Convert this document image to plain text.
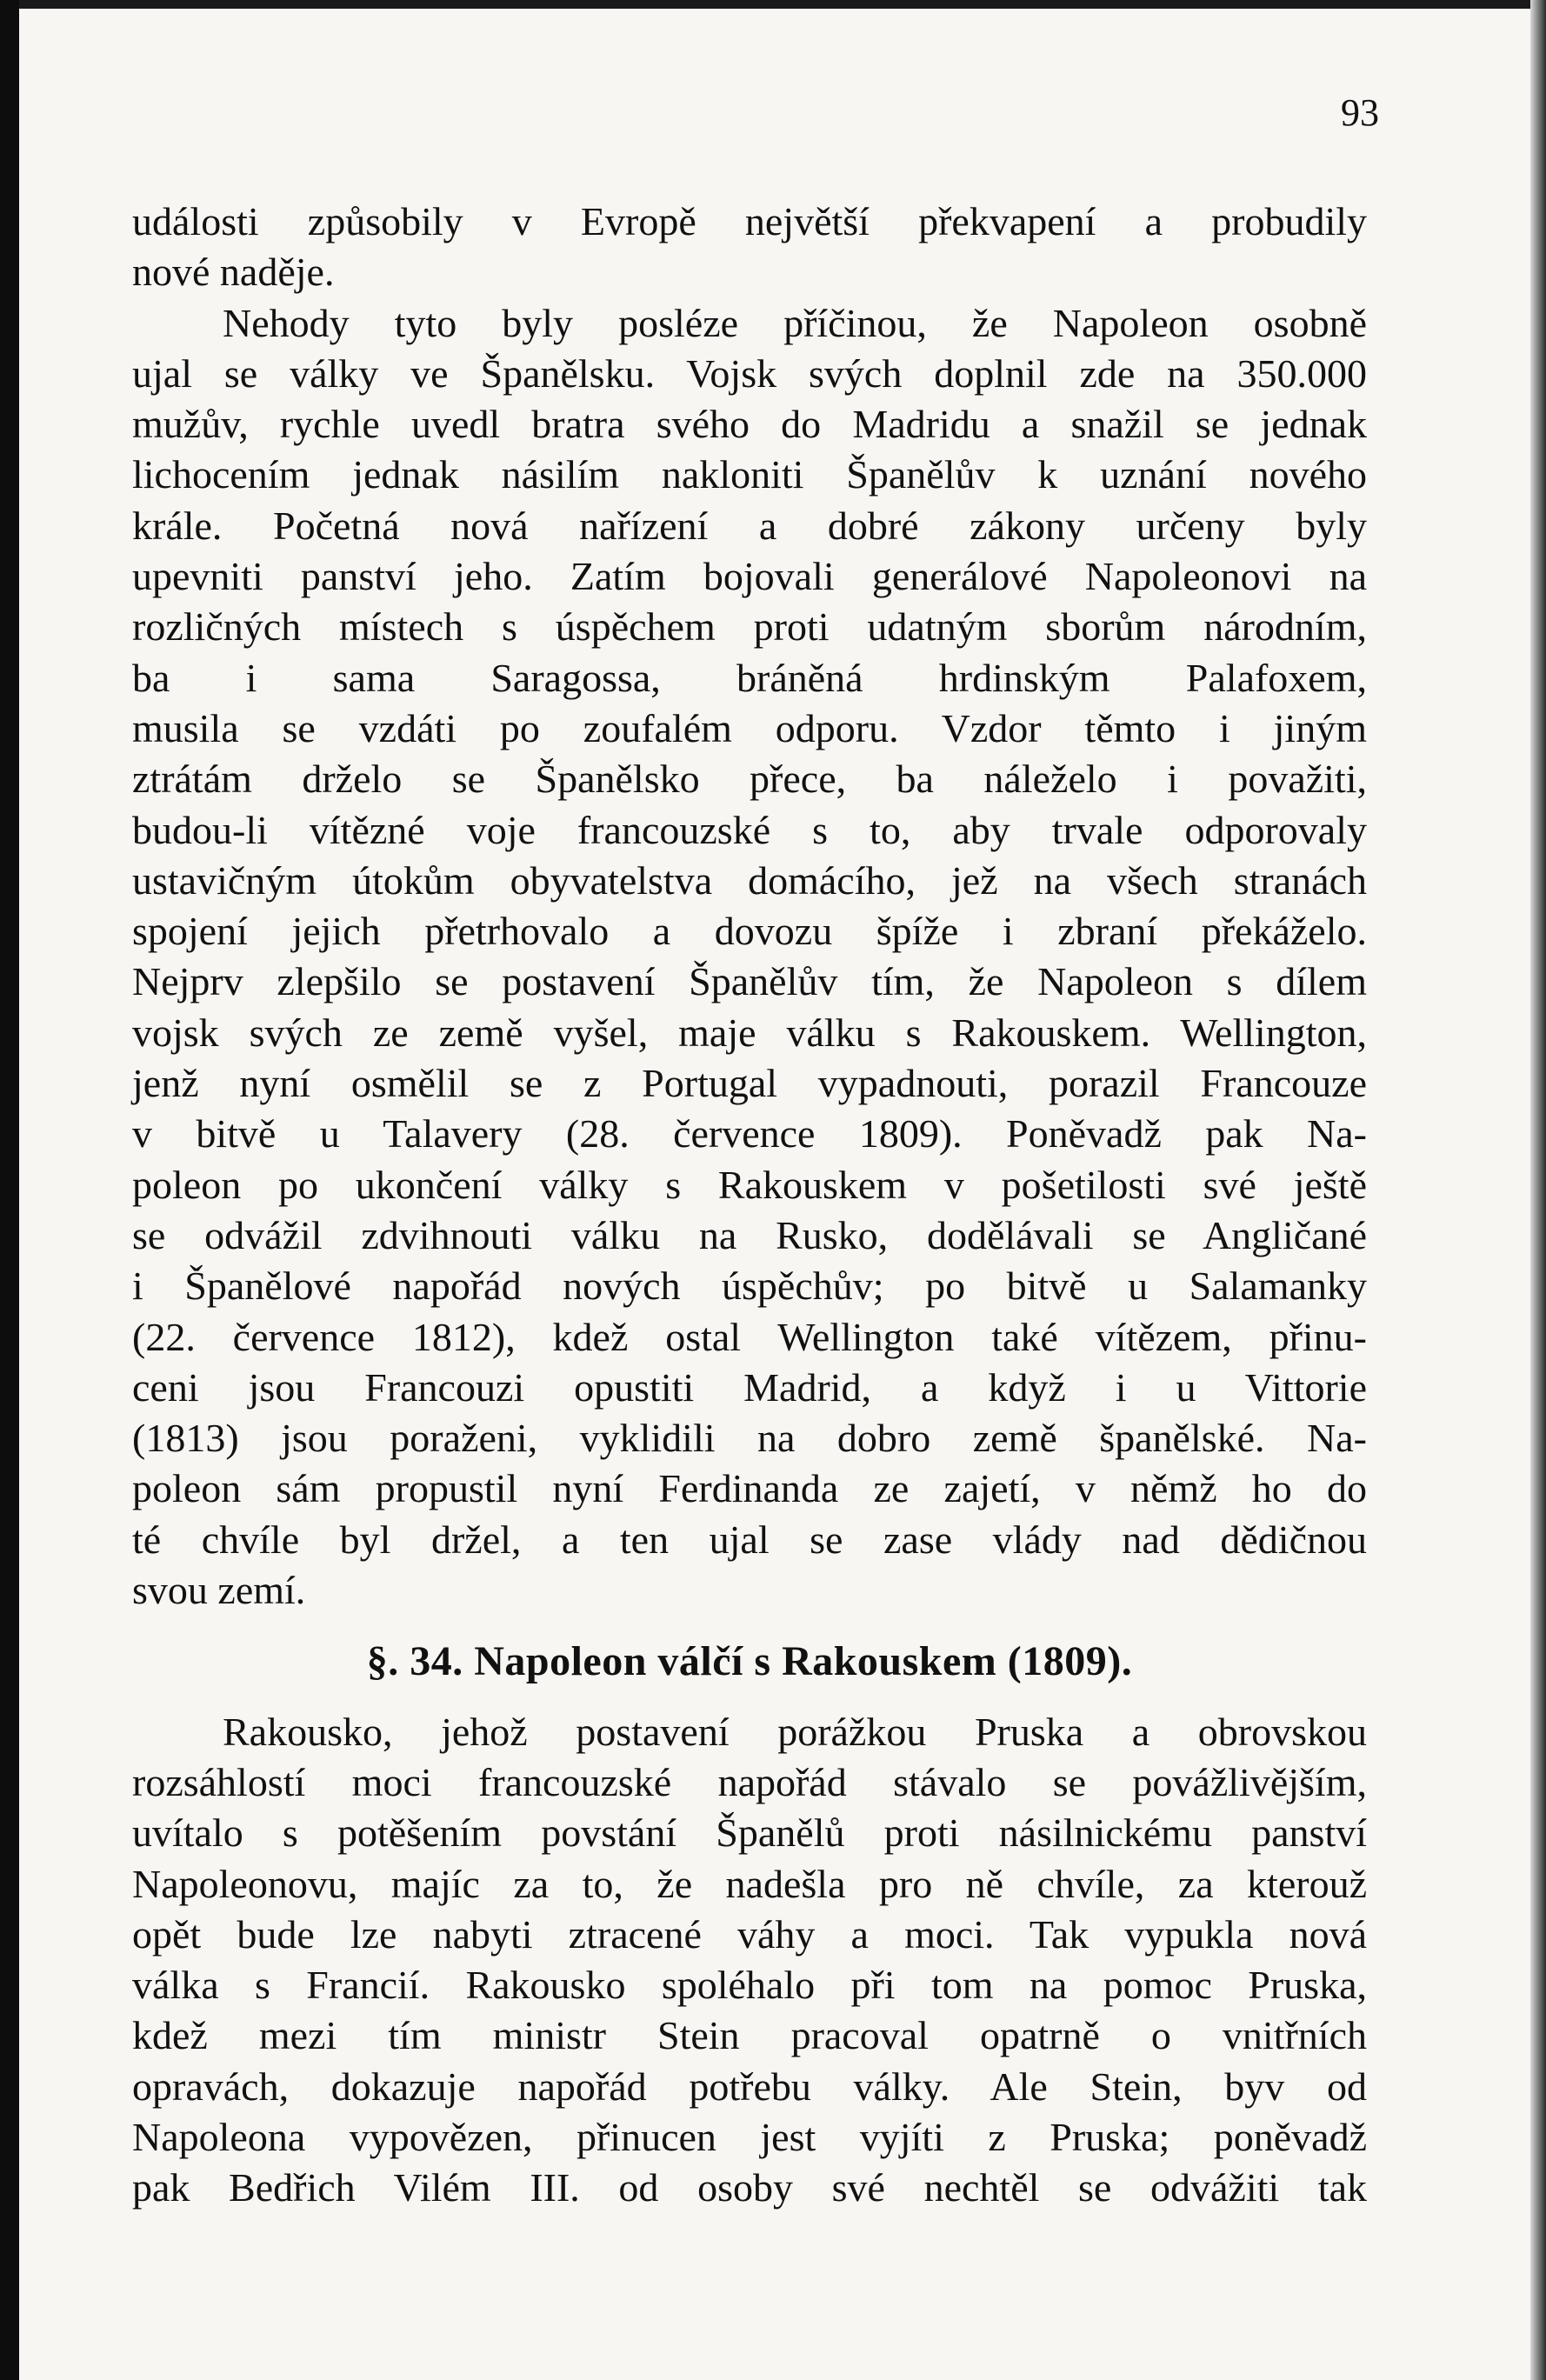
93
události způsobily v Evropě největší překvapení a probudily
nové naděje.
Nehody tyto byly posléze příčinou, že Napoleon osobně
ujal se války ve Španělsku. Vojsk svých doplnil zde na 350.000
mužův, rychle uvedl bratra svého do Madridu a snažil se jednak
lichocením jednak násilím nakloniti Španělův k uznání nového
krále. Početná nová nařízení a dobré zákony určeny byly
upevniti panství jeho. Zatím bojovali generálové Napoleonovi na
rozličných místech s úspěchem proti udatným sborům národním,
ba i sama Saragossa, bráněná hrdinským Palafoxem,
musila se vzdáti po zoufalém odporu. Vzdor těmto i jiným
ztrátám drželo se Španělsko přece, ba náleželo i považiti,
budou-li vítězné voje francouzské s to, aby trvale odporovaly
ustavičným útokům obyvatelstva domácího, jež na všech stranách
spojení jejich přetrhovalo a dovozu špíže i zbraní překáželo.
Nejprv zlepšilo se postavení Španělův tím, že Napoleon s dílem
vojsk svých ze země vyšel, maje válku s Rakouskem. Wellington,
jenž nyní osmělil se z Portugal vypadnouti, porazil Francouze
v bitvě u Talavery (28. července 1809). Poněvadž pak Na-
poleon po ukončení války s Rakouskem v pošetilosti své ještě
se odvážil zdvihnouti válku na Rusko, dodělávali se Angličané
i Španělové napořád nových úspěchův; po bitvě u Salamanky
(22. července 1812), kdež ostal Wellington také vítězem, přinu-
ceni jsou Francouzi opustiti Madrid, a když i u Vittorie
(1813) jsou poraženi, vyklidili na dobro země španělské. Na-
poleon sám propustil nyní Ferdinanda ze zajetí, v němž ho do
té chvíle byl držel, a ten ujal se zase vlády nad dědičnou
svou zemí.
§. 34. Napoleon válčí s Rakouskem (1809).
Rakousko, jehož postavení porážkou Pruska a obrovskou
rozsáhlostí moci francouzské napořád stávalo se povážlivějším,
uvítalo s potěšením povstání Španělů proti násilnickému panství
Napoleonovu, majíc za to, že nadešla pro ně chvíle, za kterouž
opět bude lze nabyti ztracené váhy a moci. Tak vypukla nová
válka s Francií. Rakousko spoléhalo při tom na pomoc Pruska,
kdež mezi tím ministr Stein pracoval opatrně o vnitřních
opravách, dokazuje napořád potřebu války. Ale Stein, byv od
Napoleona vypovězen, přinucen jest vyjíti z Pruska; poněvadž
pak Bedřich Vilém III. od osoby své nechtěl se odvážiti tak
